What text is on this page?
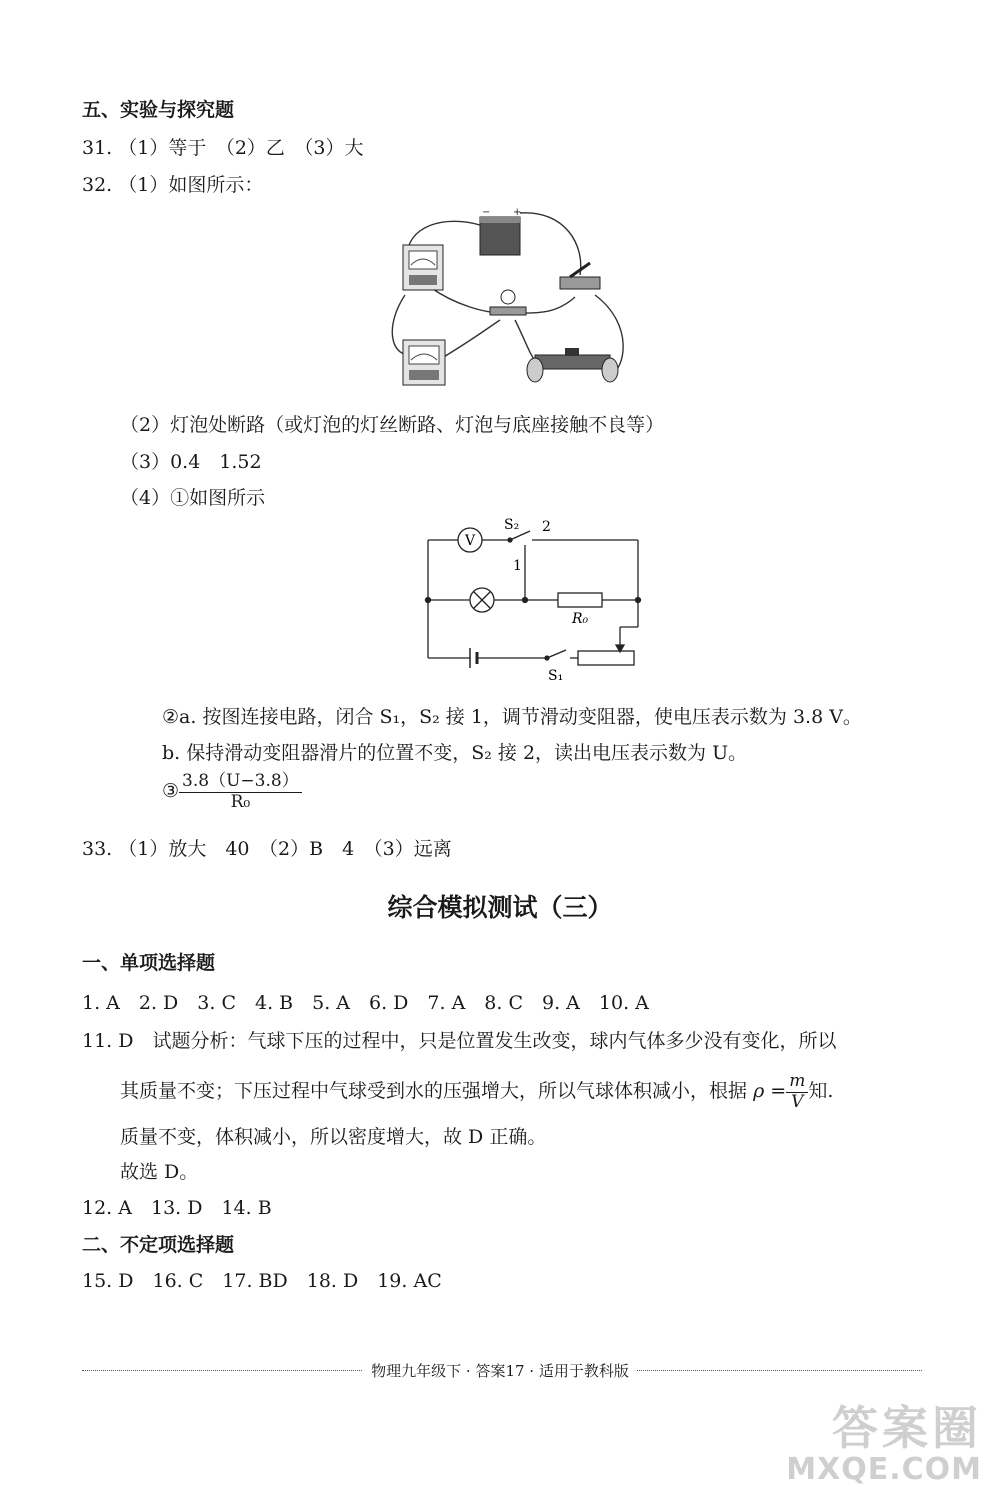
五、实验与探究题
31. （1）等于　（2）乙　（3）大
32. （1）如图所示：
− +
（2）灯泡处断路（或灯泡的灯丝断路、灯泡与底座接触不良等）
（3）0.4　1.52
（4）①如图所示
V
S₂ 2
1
R₀
S₁
②a. 按图连接电路，闭合 S₁，S₂ 接 1，调节滑动变阻器，使电压表示数为 3.8 V。
b. 保持滑动变阻器滑片的位置不变，S₂ 接 2，读出电压表示数为 U。
③ $\frac{3.8(U-3.8)}{\text{R₀}}$
33. （1）放大　40　（2）B　4　（3）远离
综合模拟测试（三）
一、单项选择题
1. A　2. D　3. C　4. B　5. A　6. D　7. A　8. C　9. A　10. A
11. D　试题分析：气球下压的过程中，只是位置发生改变，球内气体多少没有变化，所以
其质量不变；下压过程中气球受到水的压强增大，所以气球体积减小，根据 $\rho = \frac{m}{V}$ 知.
质量不变，体积减小，所以密度增大，故 D 正确。
故选 D。
12. A　13. D　14. B
二、不定项选择题
15. D　16. C　17. BD　18. D　19. AC
物理九年级下 · 答案17 · 适用于教科版
答案圈
MXQE.COM
